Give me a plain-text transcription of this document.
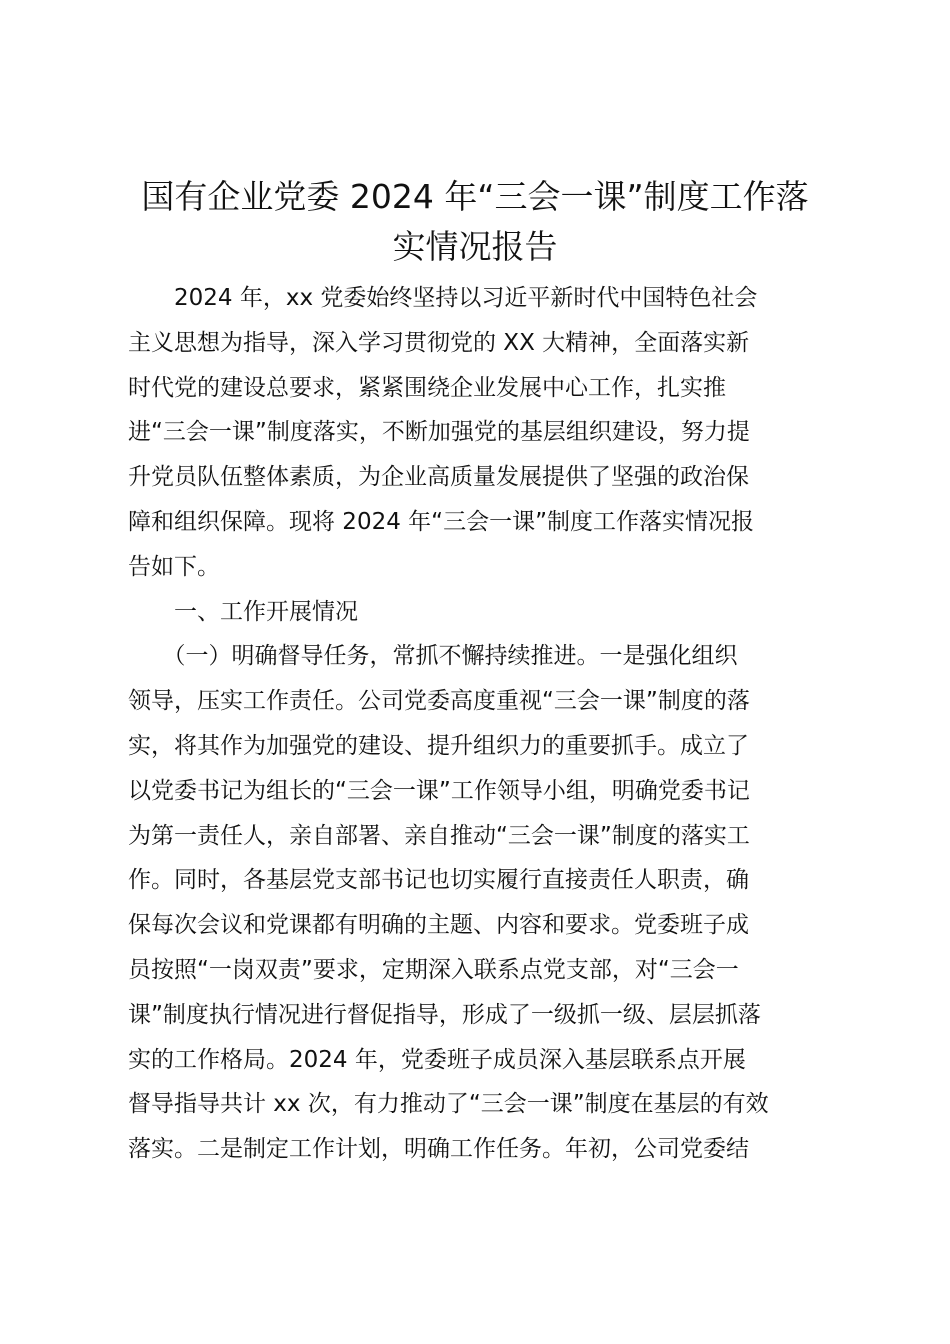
国有企业党委 2024 年“三会一课”制度工作落
实情况报告
　　2024 年，xx 党委始终坚持以习近平新时代中国特色社会
主义思想为指导，深入学习贯彻党的 XX 大精神，全面落实新
时代党的建设总要求，紧紧围绕企业发展中心工作，扎实推
进“三会一课”制度落实，不断加强党的基层组织建设，努力提
升党员队伍整体素质，为企业高质量发展提供了坚强的政治保
障和组织保障。现将 2024 年“三会一课”制度工作落实情况报
告如下。
　　一、工作开展情况
　　（一）明确督导任务，常抓不懈持续推进。一是强化组织
领导，压实工作责任。公司党委高度重视“三会一课”制度的落
实，将其作为加强党的建设、提升组织力的重要抓手。成立了
以党委书记为组长的“三会一课”工作领导小组，明确党委书记
为第一责任人，亲自部署、亲自推动“三会一课”制度的落实工
作。同时，各基层党支部书记也切实履行直接责任人职责，确
保每次会议和党课都有明确的主题、内容和要求。党委班子成
员按照“一岗双责”要求，定期深入联系点党支部，对“三会一
课”制度执行情况进行督促指导，形成了一级抓一级、层层抓落
实的工作格局。2024 年，党委班子成员深入基层联系点开展
督导指导共计 xx 次，有力推动了“三会一课”制度在基层的有效
落实。二是制定工作计划，明确工作任务。年初，公司党委结
